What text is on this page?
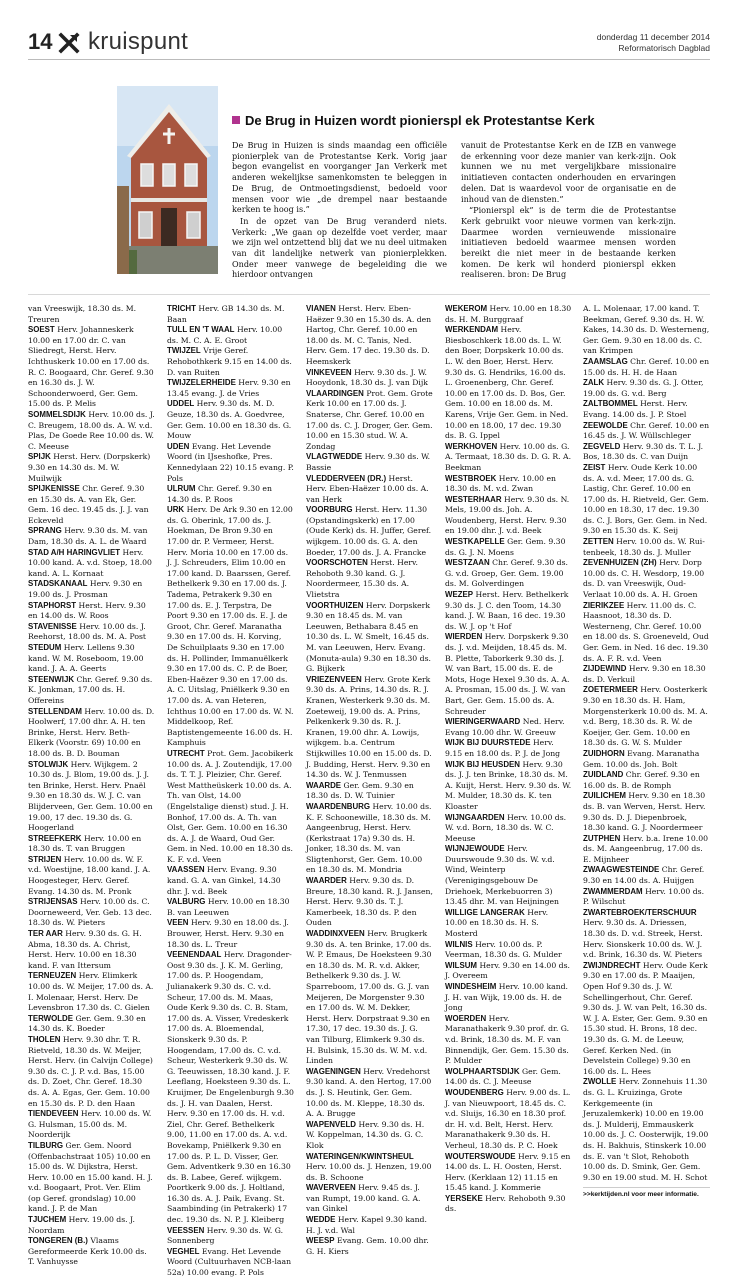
14 kruispunt	donderdag 11 december 2014
Reformatorisch Dagblad
De Brug in Huizen wordt pionierspl ek Protestantse Kerk

De Brug in Huizen is sinds maandag een officiële pionierplek van de Protestantse Kerk. Vorig jaar begon evangelist en voorganger Jan Verkerk met anderen wekelijkse samenkomsten te beleggen in De Brug, de Ontmoetingsdienst, bedoeld voor mensen voor wie „de drempel naar bestaande kerken te hoog is.”

In de opzet van De Brug veranderd niets. Verkerk: „We gaan op dezelfde voet verder, maar we zijn wel ontzettend blij dat we nu deel uitmaken van dit landelijke netwerk van pionierplekken. Onder meer vanwege de begeleiding die we hierdoor ontvangen

vanuit de Protestantse Kerk en de IZB en vanwege de erkenning voor deze manier van kerk-zijn. Ook kunnen we nu met vergelijkbare missionaire initiatieven contacten onderhouden en ervaringen delen. Dat is waardevol voor de organisatie en de inhoud van de diensten.”

“Pionierspl ek” is de term die de Protestantse Kerk gebruikt voor nieuwe vormen van kerk-zijn. Daarmee worden vernieuwende missionaire initiatieven bedoeld waarmee mensen worden bereikt die niet meer in de bestaande kerken komen. De kerk wil honderd pionierspl ekken realiseren. bron: De Brug

van Vreeswijk, 18.30 ds. M. Treuren

SOEST Herv. Johanneskerk 10.00 en 17.00 dr. C. van Sliedregt, Herst. Herv. Ichthuskerk 10.00 en 17.00 ds. R. C. Boogaard, Chr. Geref. 9.30 en 16.30 ds. J. W. Schoonderwoerd, Ger. Gem. 15.00 ds. P. Melis

SOMMELSDIJK Herv. 10.00 ds. J. C. Breugem, 18.00 ds. A. W. v.d. Plas, De Goede Ree 10.00 ds. W. C. Meeuse

SPIJK Herst. Herv. (Dorpskerk) 9.30 en 14.30 ds. M. W. Muilwijk

SPIJKENISSE Chr. Geref. 9.30 en 15.30 ds. A. van Ek, Ger. Gem. 16 dec. 19.45 ds. J. J. van Eckeveld

SPRANG Herv. 9.30 ds. M. van Dam, 18.30 ds. A. L. de Waard

STAD A/H HARINGVLIET Herv. 10.00 kand. A. v.d. Stoep, 18.00 kand. A. L. Kornaat

STADSKANAAL Herv. 9.30 en 19.00 ds. J. Prosman

STAPHORST Herst. Herv. 9.30 en 14.00 ds. W. Roos

STAVENISSE Herv. 10.00 ds. J. Reehorst, 18.00 ds. M. A. Post

STEDUM Herv. Lellens 9.30 kand. W. M. Roseboom, 19.00 kand. J. A. A. Geerts

STEENWIJK Chr. Geref. 9.30 ds. K. Jonkman, 17.00 ds. H. Offereins

STELLENDAM Herv. 10.00 ds. D. Hoolwerf, 17.00 dhr. A. H. ten Brinke, Herst. Herv. Beth-Elkerk (Voorstr. 69) 10.00 en 18.00 ds. B. D. Bouman

STOLWIJK Herv. Wijkgem. 2 10.30 ds. J. Blom, 19.00 ds. J. J. ten Brinke, Herst. Herv. Pnaël 9.30 en 18.30 ds. W. J. C. van Blijderveen, Ger. Gem. 10.00 en 19.00, 17 dec. 19.30 ds. G. Hoogerland

STREEFKERK Herv. 10.00 en 18.30 ds. T. van Bruggen

STRIJEN Herv. 10.00 ds. W. F. v.d. Woestijne, 18.00 kand. J. A. Hoogesteger, Herv. Geref. Evang. 14.30 ds. M. Pronk

STRIJENSAS Herv. 10.00 ds. C. Doorneweerd, Ver. Geb. 13 dec. 18.30 ds. W. Pieters

TER AAR Herv. 9.30 ds. G. H. Abma, 18.30 ds. A. Christ, Herst. Herv. 10.00 en 18.30 kand. F. van Ittersum

TERNEUZEN Herv. Elimkerk 10.00 ds. W. Meijer, 17.00 ds. A. I. Molenaar, Herst. Herv. De Levensbron 17.30 ds. C. Gielen

TERWOLDE Ger. Gem. 9.30 en 14.30 ds. K. Boeder

THOLEN Herv. 9.30 dhr. T. R. Rietveld, 18.30 ds. W. Meijer, Herst. Herv. (in Calvijn College) 9.30 ds. C. J. P. v.d. Bas, 15.00 ds. D. Zoet, Chr. Geref. 18.30 ds. A. A. Egas, Ger. Gem. 10.00 en 15.30 ds. P. D. den Haan

TIENDEVEEN Herv. 10.00 ds. W. G. Hulsman, 15.00 ds. M. Noorderijk

TILBURG Ger. Gem. Noord (Offenbachstraat 105) 10.00 en 15.00 ds. W. Dijkstra, Herst. Herv. 10.00 en 15.00 kand. H. J. v.d. Boogaart, Prot. Ver. Elim (op Geref. grondslag) 10.00 kand. J. P. de Man

TJUCHEM Herv. 19.00 ds. J. Noordam

TONGEREN (B.) Vlaams Gereformeerde Kerk 10.00 ds. T. Vanhuysse

TRICHT Herv. GB 14.30 ds. M. Baan

TULL EN 'T WAAL Herv. 10.00 ds. M. C. A. E. Groot

TWIJZEL Vrije Geref. Rehobothkerk 9.15 en 14.00 ds. D. van Ruiten

TWIJZELERHEIDE Herv. 9.30 en 13.45 evang. J. de Vries

UDDEL Herv. 9.30 ds. M. D. Geuze, 18.30 ds. A. Goedvree, Ger. Gem. 10.00 en 18.30 ds. G. Mouw

UDEN Evang. Het Levende Woord (in IJseshofke, Pres. Kennedylaan 22) 10.15 evang. P. Pols

ULRUM Chr. Geref. 9.30 en 14.30 ds. P. Roos

URK Herv. De Ark 9.30 en 12.00 ds. G. Oberink, 17.00 ds. J. Hoekman, De Bron 9.30 en 17.00 dr. P. Vermeer, Herst. Herv. Moria 10.00 en 17.00 ds. J. J. Schreuders, Elim 10.00 en 17.00 kand. D. Baarssen, Geref. Bethelkerk 9.30 en 17.00 ds. J. Tadema, Petrakerk 9.30 en 17.00 ds. E. J. Terpstra, De Poort 9.30 en 17.00 ds. E. J. de Groot, Chr. Geref. Maranatha 9.30 en 17.00 ds. H. Korving, De Schuilplaats 9.30 en 17.00 ds. H. Pollinder, Immanuëlkerk 9.30 en 17.00 ds. C. P. de Boer, Eben-Haëzer 9.30 en 17.00 ds. A. C. Uitslag, Pniëlkerk 9.30 en 17.00 ds. A. van Heteren, Ichthus 10.00 en 17.00 ds. W. N. Middelkoop, Ref. Baptistengemeente 16.00 ds. H. Kamphuis

UTRECHT Prot. Gem. Jacobikerk 10.00 ds. A. J. Zoutendijk, 17.00 ds. T. T. J. Pleizier, Chr. Geref. West Mattheüskerk 10.00 ds. A. Th. van Olst, 14.00 (Engelstalige dienst) stud. J. H. Bonhof, 17.00 ds. A. Th. van Olst, Ger. Gem. 10.00 en 16.30 ds. A. J. de Waard, Oud Ger. Gem. in Ned. 10.00 en 18.30 ds. K. F. v.d. Veen

VAASSEN Herv. Evang. 9.30 kand. G. A. van Ginkel, 14.30 dhr. J. v.d. Beek

VALBURG Herv. 10.00 en 18.30 B. van Leeuwen

VEEN Herv. 9.30 en 18.00 ds. J. Brouwer, Herst. Herv. 9.30 en 18.30 ds. L. Treur

VEENENDAAL Herv. Dragonder-Oost 9.30 ds. J. K. M. Gerling, 17.00 ds. P. Hoogendam, Julianakerk 9.30 ds. C. v.d. Scheur, 17.00 ds. M. Maas, Oude Kerk 9.30 ds. C. B. Stam, 17.00 ds. A. Visser, Vredeskerk 17.00 ds. A. Bloemendal, Sionskerk 9.30 ds. P. Hoogendam, 17.00 ds. C. v.d. Scheur, Westerkerk 9.30 ds. W. G. Teeuwissen, 18.30 kand. J. F. Leeflang, Hoeksteen 9.30 ds. L. Kruijmer, De Engelenburgh 9.30 ds. J. H. van Daalen, Herst. Herv. 9.30 en 17.00 ds. H. v.d. Ziel, Chr. Geref. Bethelkerk 9.00, 11.00 en 17.00 ds. A. v.d. Bovekamp, Pniëlkerk 9.30 en 17.00 ds. P. L. D. Visser, Ger. Gem. Adventkerk 9.30 en 16.30 ds. B. Labee, Geref. wijkgem. Poortkerk 9.00 ds. J. Holtland, 16.30 ds. A. J. Paik, Evang. St. Saambinding (in Petrakerk) 17 dec. 19.30 ds. N. P. J. Kleiberg

VEESSEN Herv. 9.30 ds. W. G. Sonnenberg

VEGHEL Evang. Het Levende Woord (Cultuurhaven NCB-laan 52a) 10.00 evang. P. Pols

VIANEN Herst. Herv. Eben-Haëzer 9.30 en 15.30 ds. A. den Hartog, Chr. Geref. 10.00 en 18.00 ds. M. C. Tanis, Ned. Herv. Gem. 17 dec. 19.30 ds. D. Heemskerk

VINKEVEEN Herv. 9.30 ds. J. W. Hooydonk, 18.30 ds. J. van Dijk

VLAARDINGEN Prot. Gem. Grote Kerk 10.00 en 17.00 ds. J. Snaterse, Chr. Geref. 10.00 en 17.00 ds. C. J. Droger, Ger. Gem. 10.00 en 15.30 stud. W. A. Zondag

VLAGTWEDDE Herv. 9.30 ds. W. Bassie

VLEDDERVEEN (DR.) Herst. Herv. Eben-Haëzer 10.00 ds. A. van Herk

VOORBURG Herst. Herv. 11.30 (Opstandingskerk) en 17.00 (Oude Kerk) ds. H. Juffer, Geref. wijkgem. 10.00 ds. G. A. den Boeder, 17.00 ds. J. A. Francke

VOORSCHOTEN Herst. Herv. Rehoboth 9.30 kand. G. J. Noordermeer, 15.30 ds. A. Vlietstra

VOORTHUIZEN Herv. Dorpskerk 9.30 en 18.45 ds. M. van Leeuwen, Bethabara 8.45 en 10.30 ds. L. W. Smelt, 16.45 ds. M. van Leeuwen, Herv. Evang. (Monuta-aula) 9.30 en 18.30 ds. G. Bijkerk

VRIEZENVEEN Herv. Grote Kerk 9.30 ds. A. Prins, 14.30 ds. R. J. Kranen, Westerkerk 9.30 ds. M. Zoeteweij, 19.00 ds. A. Prins, Pelkenkerk 9.30 ds. R. J. Kranen, 19.00 dhr. A. Lowijs, wijkgem. b.a. Centrum Stijkwilles 10.00 en 15.00 ds. D. J. Budding, Herst. Herv. 9.30 en 14.30 ds. W. J. Tenmussen

WAARDE Ger. Gem. 9.30 en 18.30 ds. D. W. Tuinier

WAARDENBURG Herv. 10.00 ds. K. F. Schoonewille, 18.30 ds. M. Aangeenbrug, Herst. Herv. (Kerkstraat 17a) 9.30 ds. H. Jonker, 18.30 ds. M. van Sligtenhorst, Ger. Gem. 10.00 en 18.30 ds. M. Mondria

WAARDER Herv. 9.30 ds. D. Breure, 18.30 kand. R. J. Jansen, Herst. Herv. 9.30 ds. T. J. Kamerbeek, 18.30 ds. P. den Ouden

WADDINXVEEN Herv. Brugkerk 9.30 ds. A. ten Brinke, 17.00 ds. W. P. Emaus, De Hoeksteen 9.30 en 18.30 ds. M. R. v.d. Akker, Bethelkerk 9.30 ds. J. W. Sparreboom, 17.00 ds. G. J. van Meijeren, De Morgenster 9.30 en 17.00 ds. W. M. Dekker, Herst. Herv. Dorpstraat 9.30 en 17.30, 17 dec. 19.30 ds. J. G. van Tilburg, Elimkerk 9.30 ds. H. Bulsink, 15.30 ds. W. M. v.d. Linden

WAGENINGEN Herv. Vredehorst 9.30 kand. A. den Hertog, 17.00 ds. J. S. Heutink, Ger. Gem. 10.00 ds. M. Kleppe, 18.30 ds. A. A. Brugge

WAPENVELD Herv. 9.30 ds. H. W. Koppelman, 14.30 ds. G. C. Klok

WATERINGEN/KWINTSHEUL Herv. 10.00 ds. J. Henzen, 19.00 ds. B. Schoone

WAVERVEEN Herv. 9.45 ds. J. van Rumpt, 19.00 kand. G. A. van Ginkel

WEDDE Herv. Kapel 9.30 kand. H. J. v.d. Wal

WEESP Evang. Gem. 10.00 dhr. G. H. Kiers

WEKEROM Herv. 10.00 en 18.30 ds. H. M. Burggraaf

WERKENDAM Herv. Biesboschkerk 18.00 ds. L. W. den Boer, Dorpskerk 10.00 ds. L. W. den Boer, Herst. Herv. 9.30 ds. G. Hendriks, 16.00 ds. L. Groenenberg, Chr. Geref. 10.00 en 17.00 ds. D. Bos, Ger. Gem. 10.00 en 18.00 ds. M. Karens, Vrije Ger. Gem. in Ned. 10.00 en 18.00, 17 dec. 19.30 ds. B. G. Ippel

WERKHOVEN Herv. 10.00 ds. G. A. Termaat, 18.30 ds. D. G. R. A. Beekman

WESTBROEK Herv. 10.00 en 18.30 ds. M. v.d. Zwan

WESTERHAAR Herv. 9.30 ds. N. Mels, 19.00 ds. Joh. A. Woudenberg, Herst. Herv. 9.30 en 19.00 dhr. J. v.d. Beek

WESTKAPELLE Ger. Gem. 9.30 ds. G. J. N. Moens

WESTZAAN Chr. Geref. 9.30 ds. G. v.d. Groep, Ger. Gem. 19.00 ds. M. Golverdingen

WEZEP Herst. Herv. Bethelkerk 9.30 ds. J. C. den Toom, 14.30 kand. J. W. Baan, 16 dec. 19.30 ds. W. J. op 't Hof

WIERDEN Herv. Dorpskerk 9.30 ds. J. v.d. Meijden, 18.45 ds. M. B. Plette, Taborkerk 9.30 ds. J. W. van Bart, 15.00 ds. E. de Mots, Hoge Hexel 9.30 ds. A. A. A. Prosman, 15.00 ds. J. W. van Bart, Ger. Gem. 15.00 ds. A. Schreuder

WIERINGERWAARD Ned. Herv. Evang 10.00 dhr. W. Greeuw

WIJK BIJ DUURSTEDE Herv. 9.15 en 18.00 ds. P. J. de Jong

WIJK BIJ HEUSDEN Herv. 9.30 ds. J. J. ten Brinke, 18.30 ds. M. A. Kuijt, Herst. Herv. 9.30 ds. W. M. Mulder, 18.30 ds. K. ten Kloaster

WIJNGAARDEN Herv. 10.00 ds. W. v.d. Born, 18.30 ds. W. C. Meeuse

WIJNJEWOUDE Herv. Duurswoude 9.30 ds. W. v.d. Wind, Weinterp (Verenigingsgebouw De Driehoek, Merkebuorren 3) 13.45 dhr. M. van Heijningen

WILLIGE LANGERAK Herv. 10.00 en 18.30 ds. H. S. Mosterd

WILNIS Herv. 10.00 ds. P. Veerman, 18.30 ds. G. Mulder

WILSUM Herv. 9.30 en 14.00 ds. J. Overeem

WINDESHEIM Herv. 10.00 kand. J. H. van Wijk, 19.00 ds. H. de Jong

WOERDEN Herv. Maranathakerk 9.30 prof. dr. G. v.d. Brink, 18.30 ds. M. F. van Binnendijk, Ger. Gem. 15.30 ds. P. Mulder

WOLPHAARTSDIJK Ger. Gem. 14.00 ds. C. J. Meeuse

WOUDENBERG Herv. 9.00 ds. L. J. van Nieuwpoort, 18.45 ds. C. v.d. Sluijs, 16.30 en 18.30 prof. dr. H. v.d. Belt, Herst. Herv. Maranathakerk 9.30 ds. H. Verheul, 18.30 ds. P. C. Hoek

WOUTERSWOUDE Herv. 9.15 en 14.00 ds. L. H. Oosten, Herst. Herv. (Kerklaan 12) 11.15 en 15.45 kand. J. Kommerie

YERSEKE Herv. Rehoboth 9.30 ds.

A. L. Molenaar, 17.00 kand. T. Beekman, Geref. 9.30 ds. H. W. Kakes, 14.30 ds. D. Westerneng, Ger. Gem. 9.30 en 18.00 ds. C. van Krimpen

ZAAMSLAG Chr. Geref. 10.00 en 15.00 ds. H. H. de Haan

ZALK Herv. 9.30 ds. G. J. Otter, 19.00 ds. G. v.d. Berg

ZALTBOMMEL Herst. Herv. Evang. 14.00 ds. J. P. Stoel

ZEEWOLDE Chr. Geref. 10.00 en 16.45 ds. J. W. Wüllschleger

ZEGVELD Herv. 9.30 ds. T. L. J. Bos, 18.30 ds. C. van Duijn

ZEIST Herv. Oude Kerk 10.00 ds. A. v.d. Meer, 17.00 ds. G. Lastig, Chr. Geref. 10.00 en 17.00 ds. H. Rietveld, Ger. Gem. 10.00 en 18.30, 17 dec. 19.30 ds. C. J. Bors, Ger. Gem. in Ned. 9.30 en 15.30 ds. K. Seij

ZETTEN Herv. 10.00 ds. W. Rui-tenbeek, 18.30 ds. J. Muller

ZEVENHUIZEN (ZH) Herv. Dorp 10.00 ds. C. H. Wesdorp, 19.00 ds. D. van Vreeswijk, Oud-Verlaat 10.00 ds. A. H. Groen

ZIERIKZEE Herv. 11.00 ds. C. Haasnoot, 18.30 ds. D. Westerneng, Chr. Geref. 10.00 en 18.00 ds. S. Groeneveld, Oud Ger. Gem. in Ned. 16 dec. 19.30 ds. A. F. R. v.d. Veen

ZIJDEWIND Herv. 9.30 en 18.30 ds. D. Verkuil

ZOETERMEER Herv. Oosterkerk 9.30 en 18.30 ds. H. Ham, Morgensterkerk 10.00 ds. M. A. v.d. Berg, 18.30 ds. R. W. de Koeijer, Ger. Gem. 10.00 en 18.30 ds. G. W. S. Mulder

ZUIDHORN Evang. Maranatha Gem. 10.00 ds. Joh. Bolt

ZUIDLAND Chr. Geref. 9.30 en 16.00 ds. B. de Romph

ZUILICHEM Herv. 9.30 en 18.30 ds. B. van Werven, Herst. Herv. 9.30 ds. D. J. Diepenbroek, 18.30 kand. G. J. Noordermeer

ZUTPHEN Herv. b.a. Irene 10.00 ds. M. Aangeenbrug, 17.00 ds. E. Mijnheer

ZWAAGWESTEINDE Chr. Geref. 9.30 en 14.00 ds. A. Huijgen

ZWAMMERDAM Herv. 10.00 ds. P. Wilschut

ZWARTEBROEK/TERSCHUUR Herv. 9.30 ds. A. Driessen, 18.30 ds. D. v.d. Streek, Herst. Herv. Sionskerk 10.00 ds. W. J. v.d. Brink, 16.30 ds. W. Pieters

ZWIJNDRECHT Herv. Oude Kerk 9.30 en 17.00 ds. P. Maaijen, Open Hof 9.30 ds. J. W. Schellingerhout, Chr. Geref. 9.30 ds. J. W. van Pelt, 16.30 ds. W. J. A. Ester, Ger. Gem. 9.30 en 15.30 stud. H. Brons, 18 dec. 19.30 ds. G. M. de Leeuw, Geref. Kerken Ned. (in Develstein College) 9.30 en 16.00 ds. L. Hees

ZWOLLE Herv. Zonnehuis 11.30 ds. G. L. Kruizinga, Grote Kerkgemeente (in Jeruzalemkerk) 10.00 en 19.00 ds. J. Mulderij, Emmauskerk 10.00 ds. J. C. Oosterwijk, 19.00 ds. H. Bakhuis, Stinskerk 10.00 ds. E. van 't Slot, Rehoboth 10.00 ds. D. Smink, Ger. Gem. 9.30 en 19.00 stud. M. H. Schot

>>kerktijden.nl voor meer informatie.
